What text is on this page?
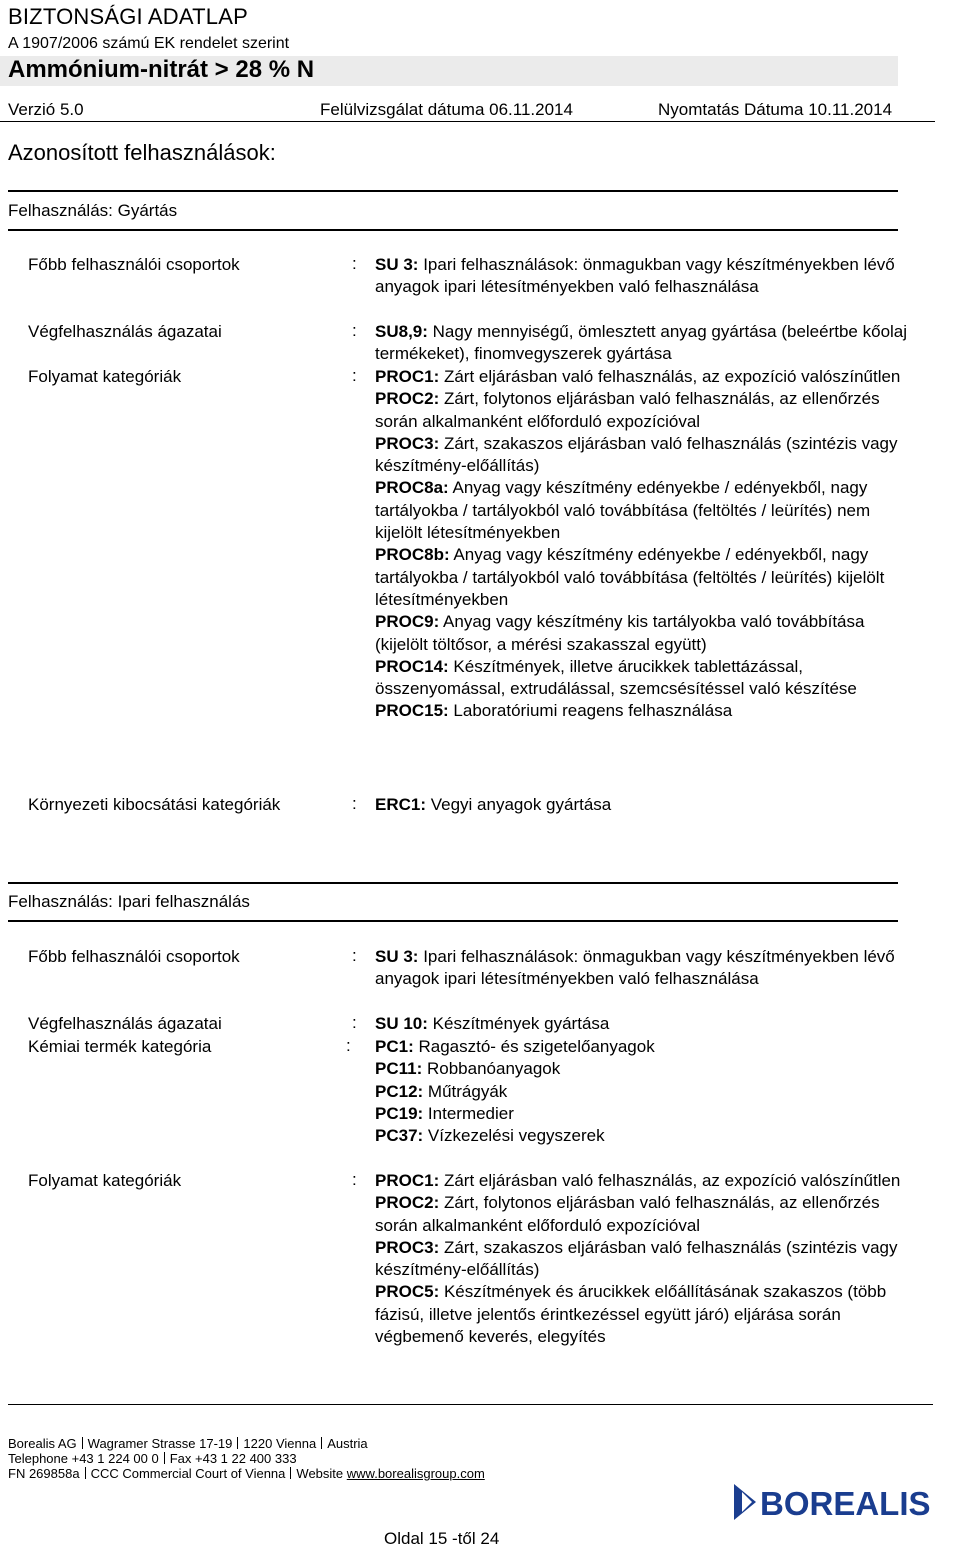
BIZTONSÁGI ADATLAP
A 1907/2006 számú EK rendelet szerint
Ammónium-nitrát > 28 % N
Verzió 5.0	Felülvizsgálat dátuma 06.11.2014	Nyomtatás Dátuma 10.11.2014
Azonosított felhasználások:
Felhasználás: Gyártás
Főbb felhasználói csoportok	: SU 3: Ipari felhasználások: önmagukban vagy készítményekben lévő anyagok ipari létesítményekben való felhasználása

Végfelhasználás ágazatai	: SU8,9: Nagy mennyiségű, ömlesztett anyag gyártása (beleértbe kőolaj termékeket), finomvegyszerek gyártása

Folyamat kategóriák	: PROC1: Zárt eljárásban való felhasználás, az expozíció valószínűtlen

PROC2: Zárt, folytonos eljárásban való felhasználás, az ellenőrzés során alkalmanként előforduló expozícióval

PROC3: Zárt, szakaszos eljárásban való felhasználás (szintézis vagy készítmény-előállítás)

PROC8a: Anyag vagy készítmény edényekbe / edényekből, nagy tartályokba / tartályokból való továbbítása (feltöltés / leürítés) nem kijelölt létesítményekben

PROC8b: Anyag vagy készítmény edényekbe / edényekből, nagy tartályokba / tartályokból való továbbítása (feltöltés / leürítés) kijelölt létesítményekben

PROC9: Anyag vagy készítmény kis tartályokba való továbbítása (kijelölt töltősor, a mérési szakasszal együtt)

PROC14: Készítmények, illetve árucikkek tablettázással, összenyomással, extrudálással, szemcsésítéssel való készítése

PROC15: Laboratóriumi reagens felhasználása

Környezeti kibocsátási kategóriák	: ERC1: Vegyi anyagok gyártása

Felhasználás: Ipari felhasználás
Főbb felhasználói csoportok	: SU 3: Ipari felhasználások: önmagukban vagy készítményekben lévő anyagok ipari létesítményekben való felhasználása

Végfelhasználás ágazatai	: SU 10: Készítmények gyártása

Kémiai termék kategória	: PC1: Ragasztó- és szigetelőanyagok

PC11: Robbanóanyagok

PC12: Műtrágyák

PC19: Intermedier

PC37: Vízkezelési vegyszerek

Folyamat kategóriák	: PROC1: Zárt eljárásban való felhasználás, az expozíció valószínűtlen

PROC2: Zárt, folytonos eljárásban való felhasználás, az ellenőrzés során alkalmanként előforduló expozícióval

PROC3: Zárt, szakaszos eljárásban való felhasználás (szintézis vagy készítmény-előállítás)

PROC5: Készítmények és árucikkek előállításának szakaszos (több fázisú, illetve jelentős érintkezéssel együtt járó) eljárása során végbemenő keverés, elegyítés

Borealis AG Wagramer Strasse 17-19 1220 Vienna Austria
Telephone +43 1 224 00 0 Fax +43 1 22 400 333
FN 269858a CCC Commercial Court of Vienna Website www.borealisgroup.com
BOREALIS
Oldal 15 -től 24
